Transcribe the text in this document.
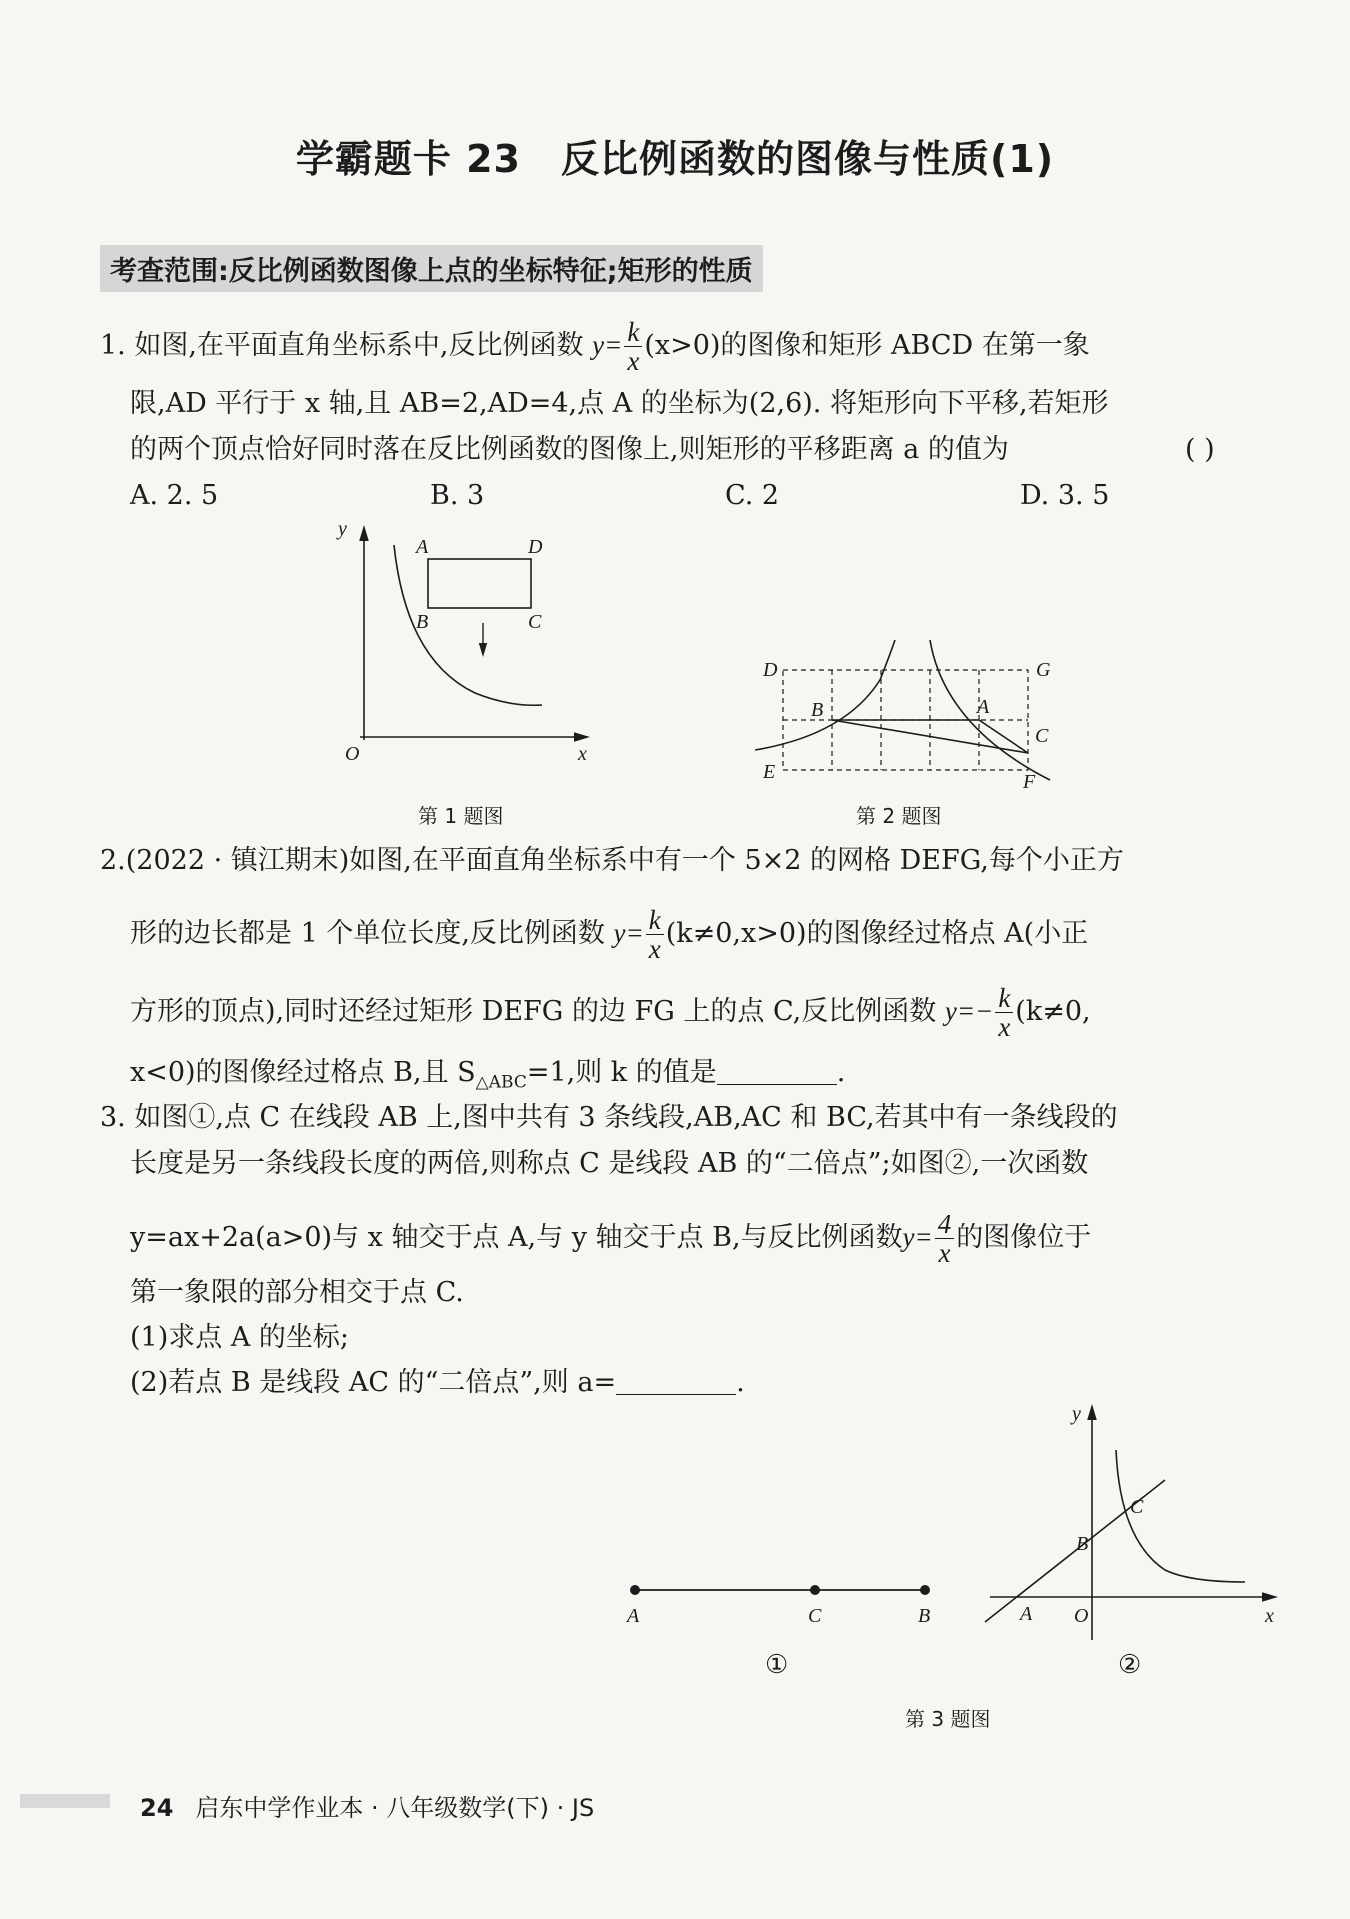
学霸题卡 23 反比例函数的图像与性质(1)
考查范围:反比例函数图像上点的坐标特征;矩形的性质
1. 如图,在平面直角坐标系中,反比例函数 $y= \frac{k}{x} (x>0)$的图像和矩形 ABCD 在第一象
限,AD 平行于 x 轴,且 AB=2,AD=4,点 A 的坐标为(2,6). 将矩形向下平移,若矩形
的两个顶点恰好同时落在反比例函数的图像上,则矩形的平移距离 a 的值为	( )
A. 2. 5	B. 3	C. 2	D. 3. 5
y
x
O
A	D
B	C
第 1 题图
D	G
B	A
C
E	F
第 2 题图
2.(2022 · 镇江期末)如图,在平面直角坐标系中有一个 5×2 的网格 DEFG,每个小正方
形的边长都是 1 个单位长度,反比例函数 $y= \frac{k}{x} (k\ne 0,x>0)$的图像经过格点 A(小正
方形的顶点),同时还经过矩形 DEFG 的边 FG 上的点 C,反比例函数 $y=- \frac{k}{x} (k\ne 0$,
x<0)的图像经过格点 B,且 $S_{\triangle ABC}=1$,则 k 的值是	.
3. 如图①,点 C 在线段 AB 上,图中共有 3 条线段,AB,AC 和 BC,若其中有一条线段的
长度是另一条线段长度的两倍,则称点 C 是线段 AB 的“二倍点”;如图②,一次函数
y=ax+2a(a>0)与 x 轴交于点 A,与 y 轴交于点 B,与反比例函数$y= \frac{4}{x}$ 的图像位于
第一象限的部分相交于点 C.
(1)求点 A 的坐标;
(2)若点 B 是线段 AC 的“二倍点”,则 a=	.
A	C	B
y
x
O
A
B
C
①	②
第 3 题图
24 启东中学作业本 · 八年级数学(下) · JS
